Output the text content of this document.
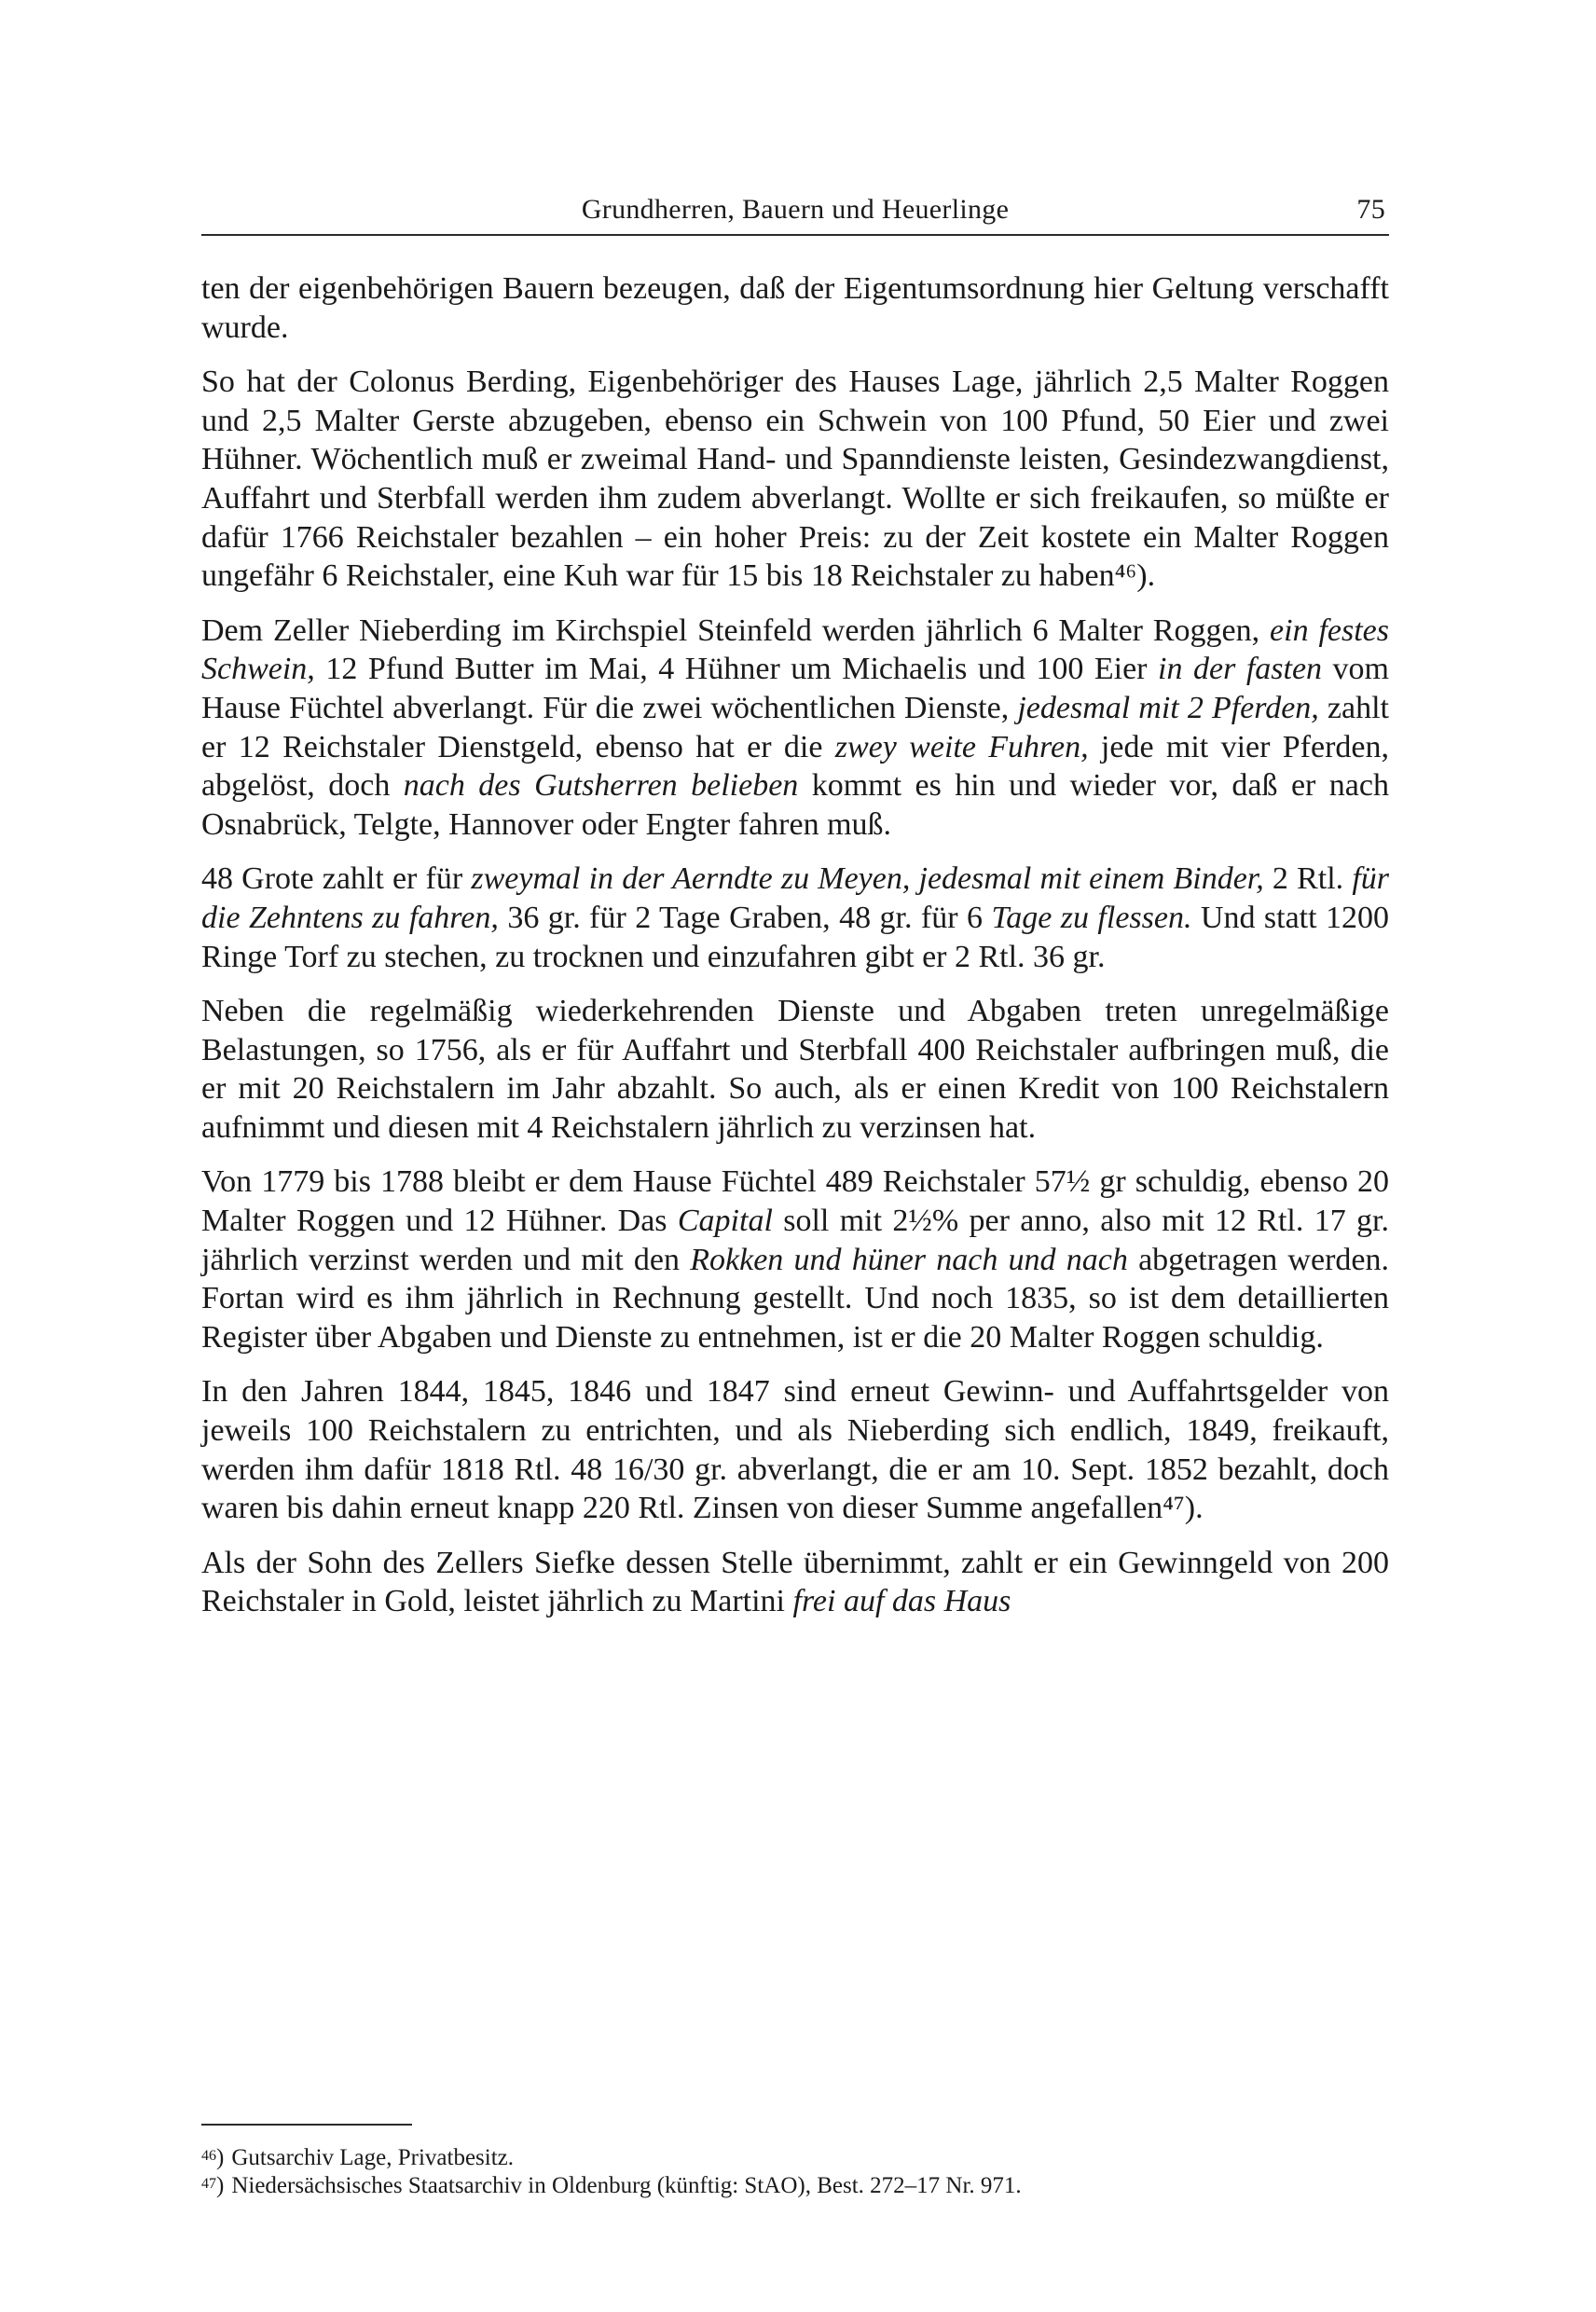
Grundherren, Bauern und Heuerlinge	75

ten der eigenbehörigen Bauern bezeugen, daß der Eigentumsordnung hier Geltung verschafft wurde.

So hat der Colonus Berding, Eigenbehöriger des Hauses Lage, jährlich 2,5 Malter Roggen und 2,5 Malter Gerste abzugeben, ebenso ein Schwein von 100 Pfund, 50 Eier und zwei Hühner. Wöchentlich muß er zweimal Hand- und Spanndienste leisten, Gesindezwangdienst, Auffahrt und Sterbfall werden ihm zudem abverlangt. Wollte er sich freikaufen, so müßte er dafür 1766 Reichstaler bezahlen – ein hoher Preis: zu der Zeit kostete ein Malter Roggen ungefähr 6 Reichstaler, eine Kuh war für 15 bis 18 Reichstaler zu haben⁴⁶).

Dem Zeller Nieberding im Kirchspiel Steinfeld werden jährlich 6 Malter Roggen, ein festes Schwein, 12 Pfund Butter im Mai, 4 Hühner um Michaelis und 100 Eier in der fasten vom Hause Füchtel abverlangt. Für die zwei wöchentlichen Dienste, jedesmal mit 2 Pferden, zahlt er 12 Reichstaler Dienstgeld, ebenso hat er die zwey weite Fuhren, jede mit vier Pferden, abgelöst, doch nach des Gutsherren belieben kommt es hin und wieder vor, daß er nach Osnabrück, Telgte, Hannover oder Engter fahren muß.

48 Grote zahlt er für zweymal in der Aerndte zu Meyen, jedesmal mit einem Binder, 2 Rtl. für die Zehntens zu fahren, 36 gr. für 2 Tage Graben, 48 gr. für 6 Tage zu flessen. Und statt 1200 Ringe Torf zu stechen, zu trocknen und einzufahren gibt er 2 Rtl. 36 gr.

Neben die regelmäßig wiederkehrenden Dienste und Abgaben treten unregelmäßige Belastungen, so 1756, als er für Auffahrt und Sterbfall 400 Reichstaler aufbringen muß, die er mit 20 Reichstalern im Jahr abzahlt. So auch, als er einen Kredit von 100 Reichstalern aufnimmt und diesen mit 4 Reichstalern jährlich zu verzinsen hat.

Von 1779 bis 1788 bleibt er dem Hause Füchtel 489 Reichstaler 57½ gr schuldig, ebenso 20 Malter Roggen und 12 Hühner. Das Capital soll mit 2½% per anno, also mit 12 Rtl. 17 gr. jährlich verzinst werden und mit den Rokken und hüner nach und nach abgetragen werden. Fortan wird es ihm jährlich in Rechnung gestellt. Und noch 1835, so ist dem detaillierten Register über Abgaben und Dienste zu entnehmen, ist er die 20 Malter Roggen schuldig.

In den Jahren 1844, 1845, 1846 und 1847 sind erneut Gewinn- und Auffahrtsgelder von jeweils 100 Reichstalern zu entrichten, und als Nieberding sich endlich, 1849, freikauft, werden ihm dafür 1818 Rtl. 48 16/30 gr. abverlangt, die er am 10. Sept. 1852 bezahlt, doch waren bis dahin erneut knapp 220 Rtl. Zinsen von dieser Summe angefallen⁴⁷).

Als der Sohn des Zellers Siefke dessen Stelle übernimmt, zahlt er ein Gewinngeld von 200 Reichstaler in Gold, leistet jährlich zu Martini frei auf das Haus

$^{46}$) Gutsarchiv Lage, Privatbesitz.

$^{47}$) Niedersächsisches Staatsarchiv in Oldenburg (künftig: StAO), Best. 272–17 Nr. 971.
